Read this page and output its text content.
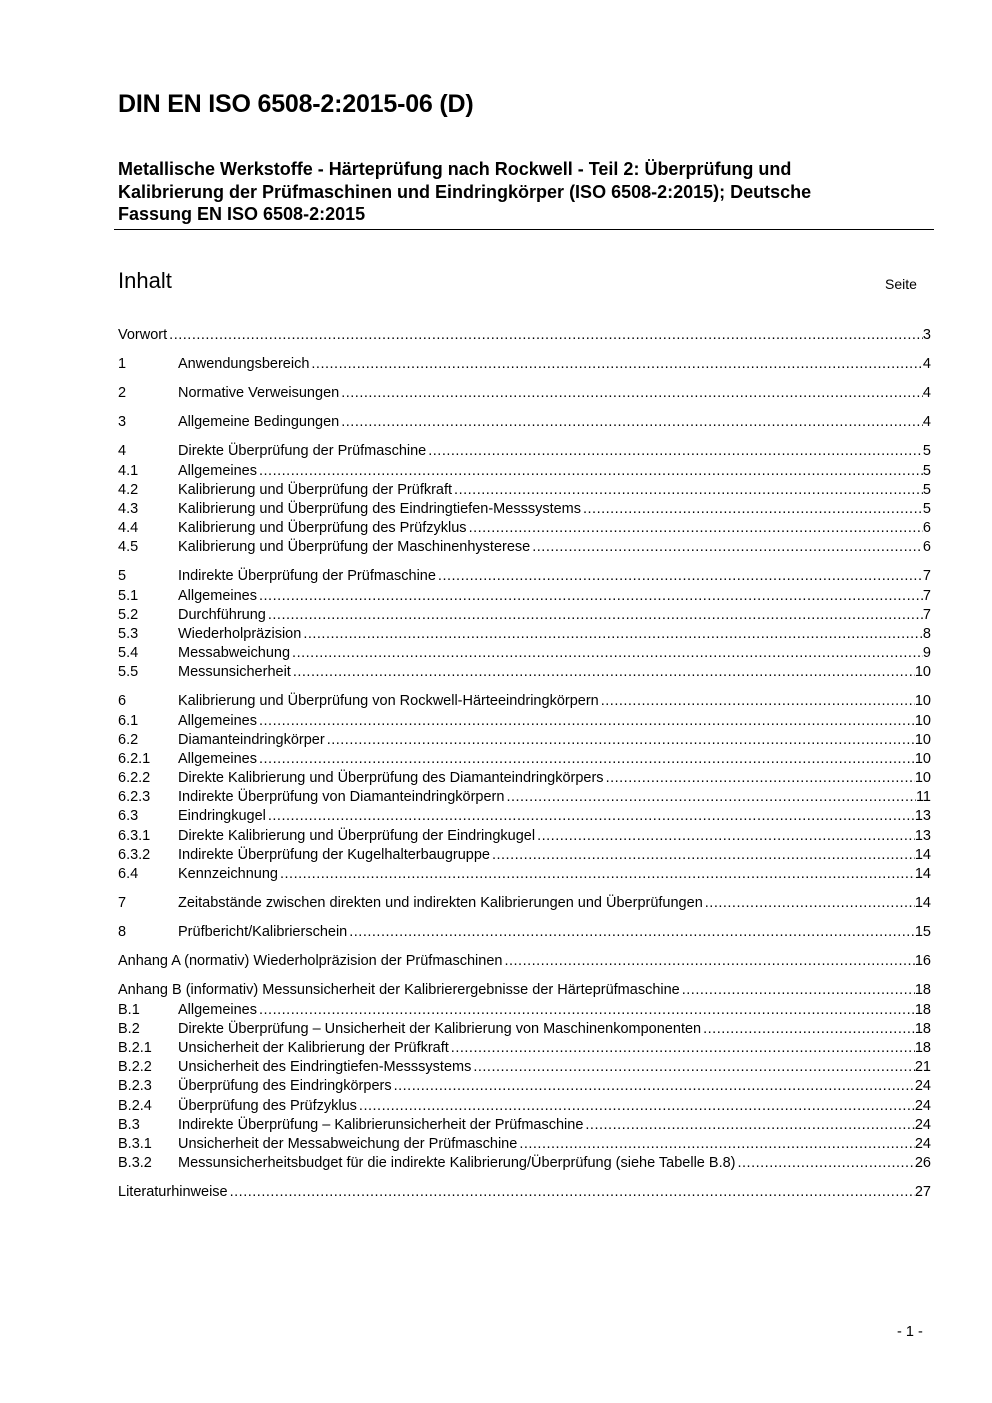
DIN EN ISO 6508-2:2015-06 (D)
Metallische Werkstoffe - Härteprüfung nach Rockwell - Teil 2: Überprüfung und
Kalibrierung der Prüfmaschinen und Eindringkörper (ISO 6508-2:2015); Deutsche
Fassung EN ISO 6508-2:2015
Inhalt	Seite
Vorwort .....	3
1	Anwendungsbereich .....	4
2	Normative Verweisungen .....	4
3	Allgemeine Bedingungen .....	4
4	Direkte Überprüfung der Prüfmaschine .....	5
4.1	Allgemeines .....	5
4.2	Kalibrierung und Überprüfung der Prüfkraft .....	5
4.3	Kalibrierung und Überprüfung des Eindringtiefen-Messsystems .....	5
4.4	Kalibrierung und Überprüfung des Prüfzyklus .....	6
4.5	Kalibrierung und Überprüfung der Maschinenhysterese .....	6
5	Indirekte Überprüfung der Prüfmaschine .....	7
5.1	Allgemeines .....	7
5.2	Durchführung .....	7
5.3	Wiederholpräzision .....	8
5.4	Messabweichung .....	9
5.5	Messunsicherheit .....	10
6	Kalibrierung und Überprüfung von Rockwell-Härteeindringkörpern .....	10
6.1	Allgemeines .....	10
6.2	Diamanteindringkörper .....	10
6.2.1 Allgemeines .....	10
6.2.2 Direkte Kalibrierung und Überprüfung des Diamanteindringkörpers .....	10
6.2.3 Indirekte Überprüfung von Diamanteindringkörpern .....	11
6.3	Eindringkugel .....	13
6.3.1 Direkte Kalibrierung und Überprüfung der Eindringkugel .....	13
6.3.2 Indirekte Überprüfung der Kugelhalterbaugruppe .....	14
6.4	Kennzeichnung .....	14
7	Zeitabstände zwischen direkten und indirekten Kalibrierungen und Überprüfungen .....	14
8	Prüfbericht/Kalibrierschein .....	15
Anhang A (normativ) Wiederholpräzision der Prüfmaschinen .....	16
Anhang B (informativ) Messunsicherheit der Kalibrierergebnisse der Härteprüfmaschine .....	18
B.1	Allgemeines .....	18
B.2	Direkte Überprüfung – Unsicherheit der Kalibrierung von Maschinenkomponenten .....	18
B.2.1 Unsicherheit der Kalibrierung der Prüfkraft .....	18
B.2.2 Unsicherheit des Eindringtiefen-Messsystems .....	21
B.2.3 Überprüfung des Eindringkörpers .....	24
B.2.4 Überprüfung des Prüfzyklus .....	24
B.3	Indirekte Überprüfung – Kalibrierunsicherheit der Prüfmaschine .....	24
B.3.1 Unsicherheit der Messabweichung der Prüfmaschine .....	24
B.3.2 Messunsicherheitsbudget für die indirekte Kalibrierung/Überprüfung (siehe Tabelle B.8) .....	26
Literaturhinweise .....	27
- 1 -
